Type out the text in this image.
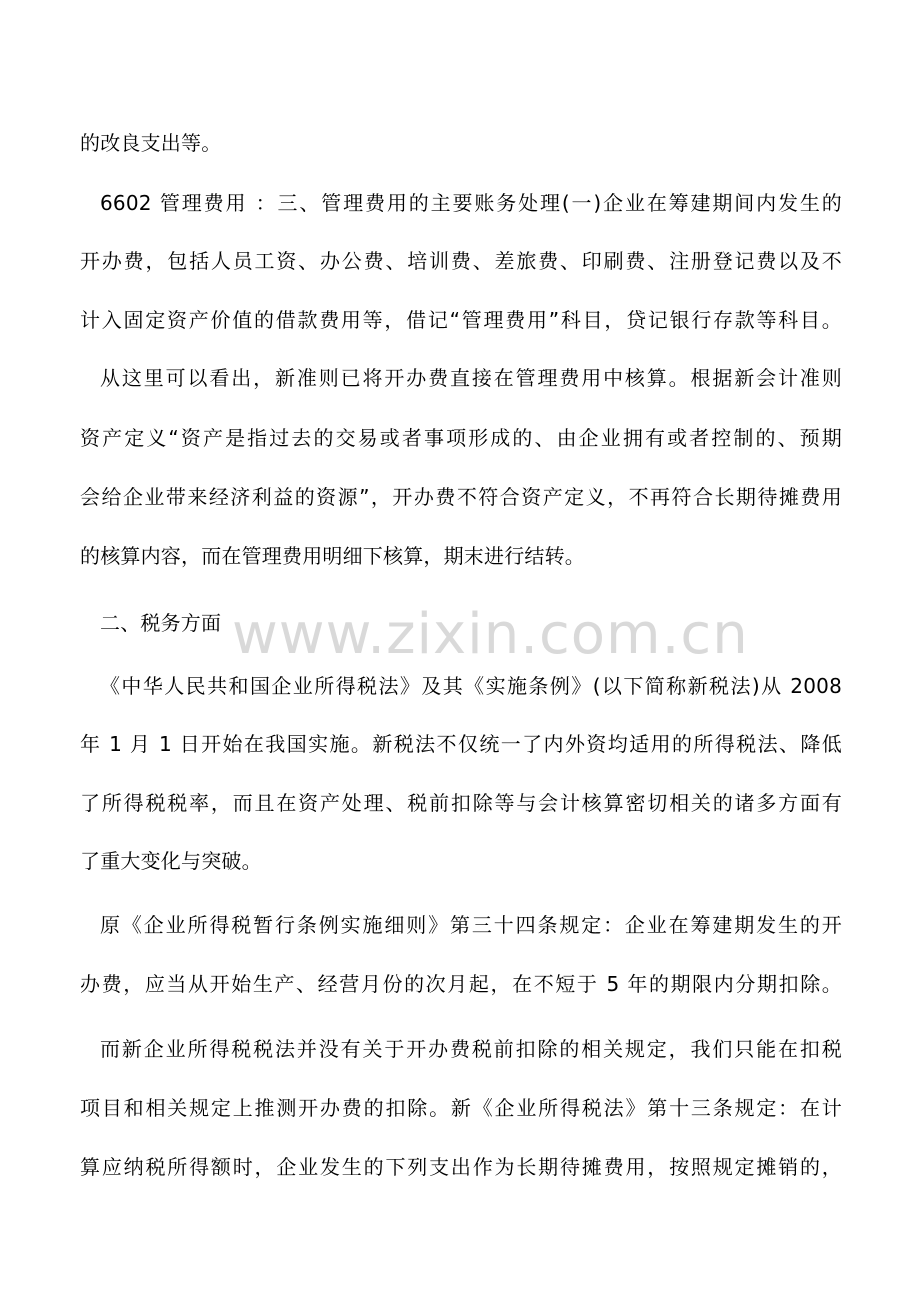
www.zixin.com.cn
的改良支出等。
6602 管理费用 ：三、管理费用的主要账务处理(一)企业在筹建期间内发生的
开办费，包括人员工资、办公费、培训费、差旅费、印刷费、注册登记费以及不
计入固定资产价值的借款费用等，借记“管理费用”科目，贷记银行存款等科目。
从这里可以看出，新准则已将开办费直接在管理费用中核算。根据新会计准则
资产定义“资产是指过去的交易或者事项形成的、由企业拥有或者控制的、预期
会给企业带来经济利益的资源”，开办费不符合资产定义，不再符合长期待摊费用
的核算内容，而在管理费用明细下核算，期末进行结转。
二、税务方面
《中华人民共和国企业所得税法》及其《实施条例》(以下简称新税法)从 2008
年 1 月 1 日开始在我国实施。新税法不仅统一了内外资均适用的所得税法、降低
了所得税税率，而且在资产处理、税前扣除等与会计核算密切相关的诸多方面有
了重大变化与突破。
原《企业所得税暂行条例实施细则》第三十四条规定：企业在筹建期发生的开
办费，应当从开始生产、经营月份的次月起，在不短于 5 年的期限内分期扣除。
而新企业所得税税法并没有关于开办费税前扣除的相关规定，我们只能在扣税
项目和相关规定上推测开办费的扣除。新《企业所得税法》第十三条规定：在计
算应纳税所得额时，企业发生的下列支出作为长期待摊费用，按照规定摊销的，
